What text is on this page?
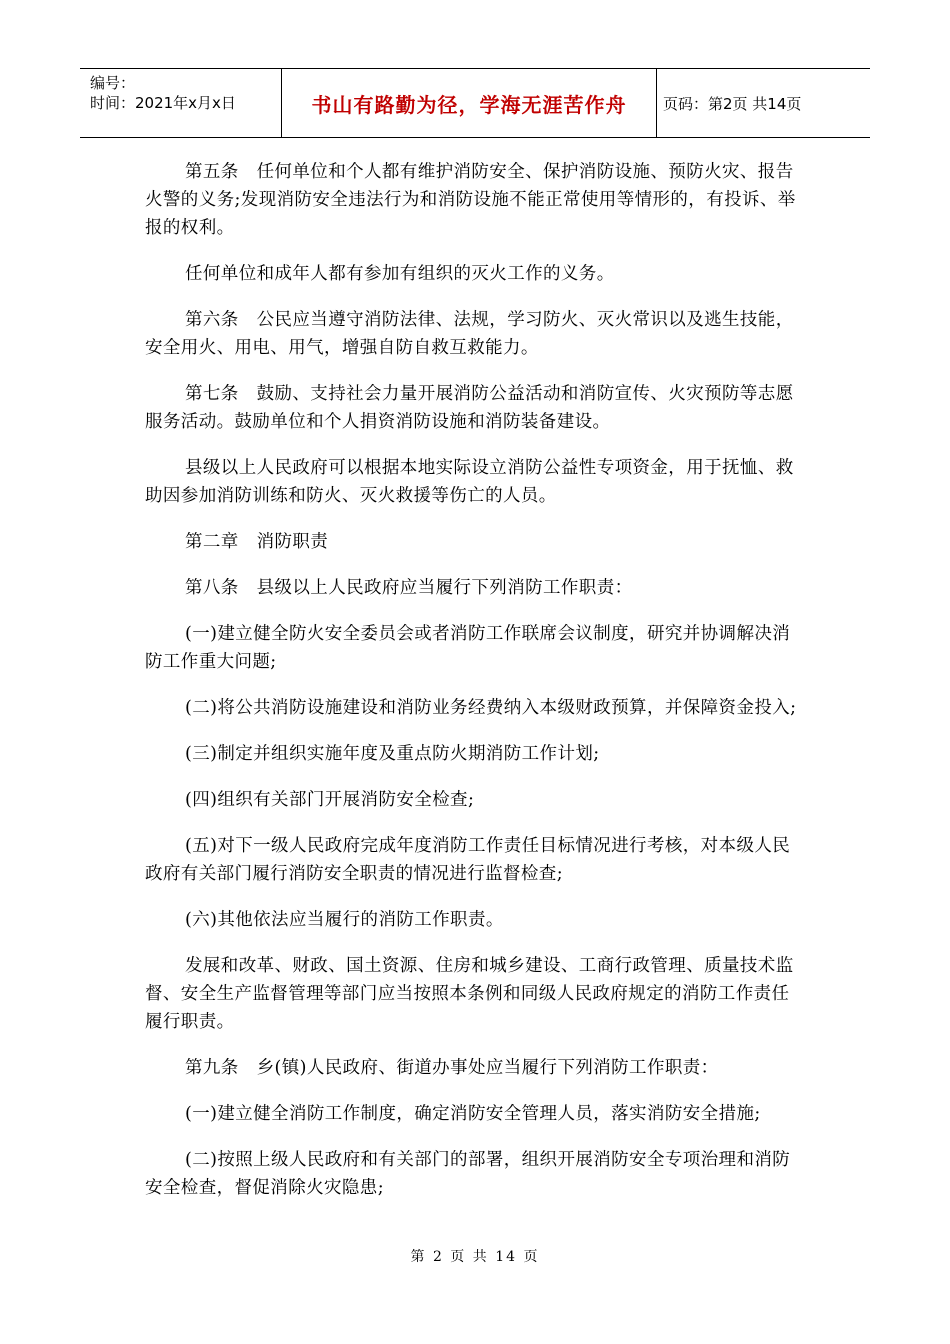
编号：
时间：2021年x月x日	书山有路勤为径，学海无涯苦作舟	页码：第2页 共14页

第五条　任何单位和个人都有维护消防安全、保护消防设施、预防火灾、报告火警的义务;发现消防安全违法行为和消防设施不能正常使用等情形的，有投诉、举报的权利。

任何单位和成年人都有参加有组织的灭火工作的义务。

第六条　公民应当遵守消防法律、法规，学习防火、灭火常识以及逃生技能，安全用火、用电、用气，增强自防自救互救能力。

第七条　鼓励、支持社会力量开展消防公益活动和消防宣传、火灾预防等志愿服务活动。鼓励单位和个人捐资消防设施和消防装备建设。

县级以上人民政府可以根据本地实际设立消防公益性专项资金，用于抚恤、救助因参加消防训练和防火、灭火救援等伤亡的人员。

第二章　消防职责

第八条　县级以上人民政府应当履行下列消防工作职责：

(一)建立健全防火安全委员会或者消防工作联席会议制度，研究并协调解决消防工作重大问题;

(二)将公共消防设施建设和消防业务经费纳入本级财政预算，并保障资金投入;

(三)制定并组织实施年度及重点防火期消防工作计划;

(四)组织有关部门开展消防安全检查;

(五)对下一级人民政府完成年度消防工作责任目标情况进行考核，对本级人民政府有关部门履行消防安全职责的情况进行监督检查;

(六)其他依法应当履行的消防工作职责。

发展和改革、财政、国土资源、住房和城乡建设、工商行政管理、质量技术监督、安全生产监督管理等部门应当按照本条例和同级人民政府规定的消防工作责任履行职责。

第九条　乡(镇)人民政府、街道办事处应当履行下列消防工作职责：

(一)建立健全消防工作制度，确定消防安全管理人员，落实消防安全措施;

(二)按照上级人民政府和有关部门的部署，组织开展消防安全专项治理和消防安全检查，督促消除火灾隐患;

第 2 页 共 14 页
